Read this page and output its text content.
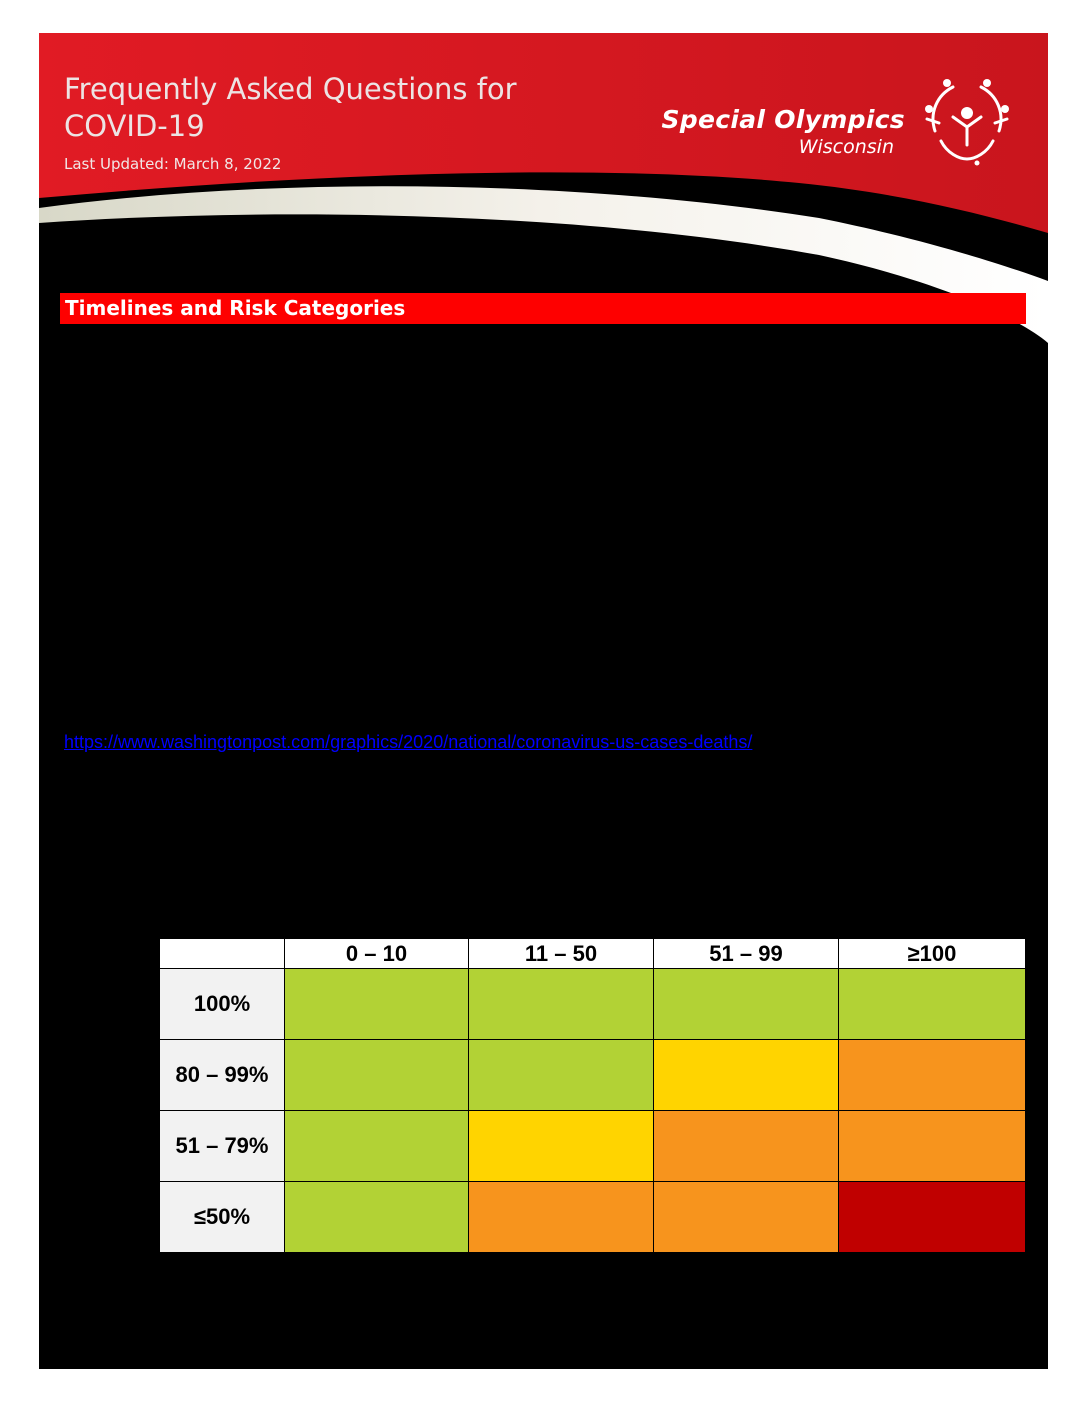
Frequently Asked Questions for COVID-19
Last Updated: March 8, 2022
Special Olympics
Wisconsin
Timelines and Risk Categories
https://www.washingtonpost.com/graphics/2020/national/coronavirus-us-cases-deaths/
	0 – 10	11 – 50	51 – 99	≥100
100%				
80 – 99%				
51 – 79%				
≤50%				
